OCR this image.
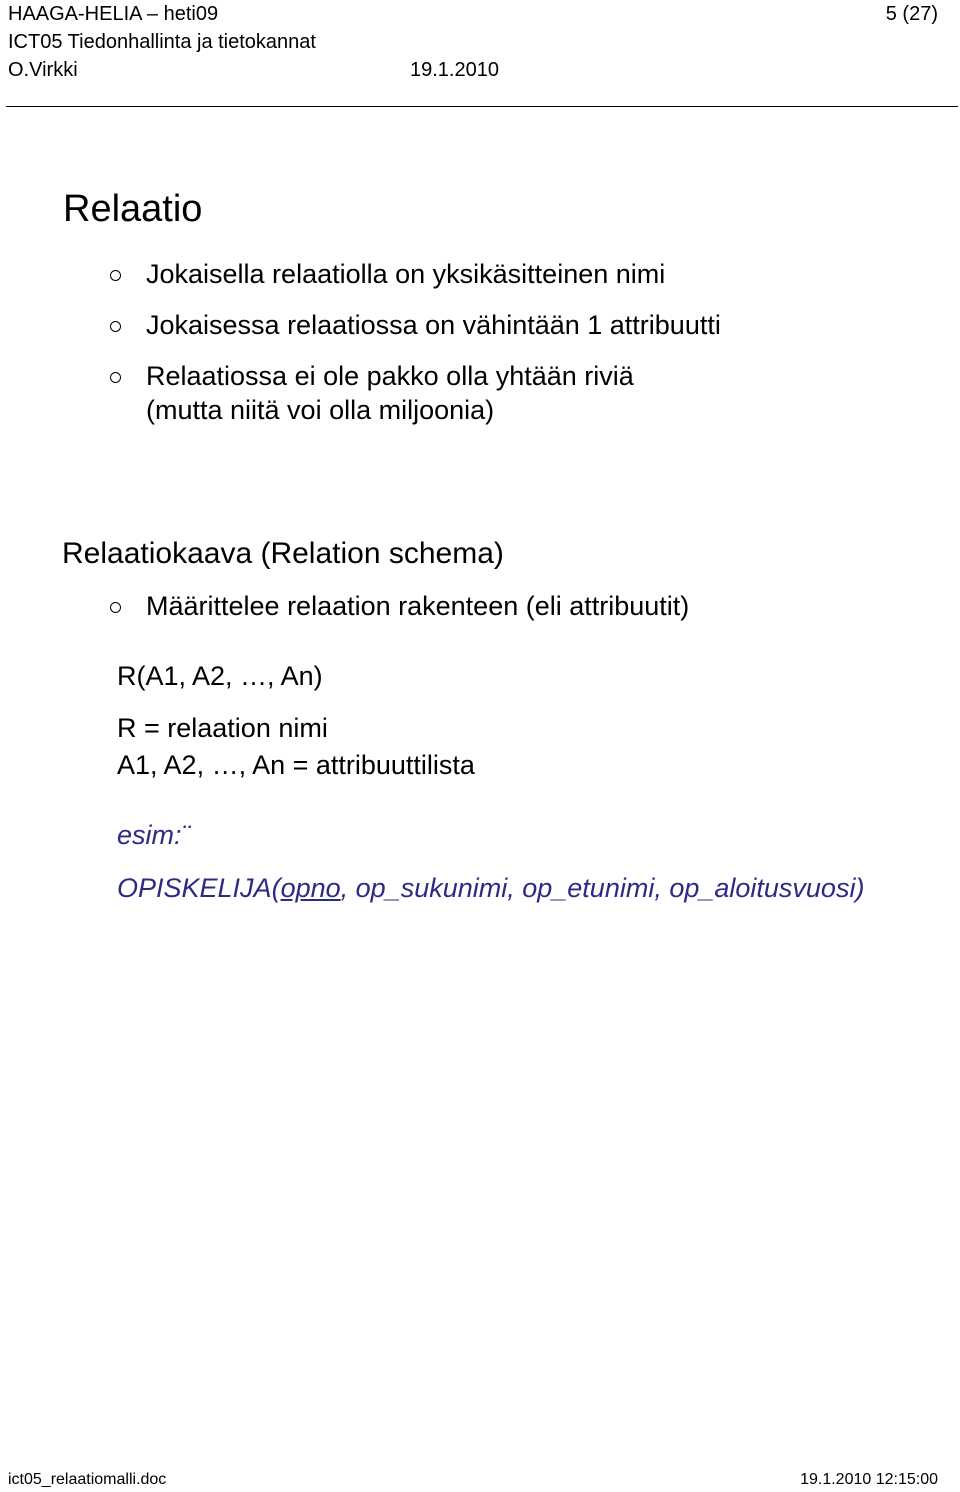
HAAGA-HELIA – heti09
ICT05 Tiedonhallinta ja tietokannat
O.Virkki	19.1.2010
5 (27)
Relaatio
Jokaisella relaatiolla on yksikäsitteinen nimi
Jokaisessa relaatiossa on vähintään 1 attribuutti
Relaatiossa ei ole pakko olla yhtään riviä
(mutta niitä voi olla miljoonia)
Relaatiokaava (Relation schema)
Määrittelee relaation rakenteen (eli attribuutit)
R(A1, A2, …, An)
R = relaation nimi
A1, A2, …, An = attribuuttilista
esim:¨
OPISKELIJA(opno, op_sukunimi, op_etunimi, op_aloitusvuosi)
ict05_relaatiomalli.doc	19.1.2010 12:15:00
